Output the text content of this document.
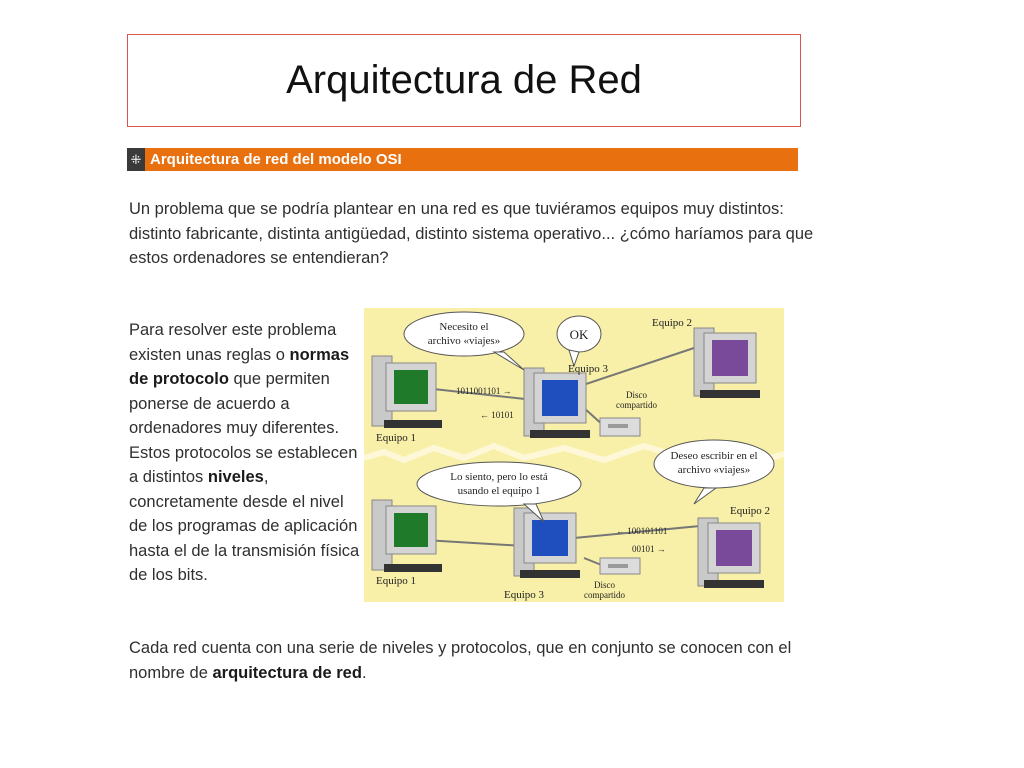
Arquitectura de Red
⁜ Arquitectura de red del modelo OSI

Un problema que se podría plantear en una red es que tuviéramos equipos muy distintos: distinto fabricante, distinta antigüedad, distinto sistema operativo... ¿cómo haríamos para que estos ordenadores se entendieran?

Para resolver este problema existen unas reglas o normas de protocolo que permiten ponerse de acuerdo a ordenadores muy diferentes. Estos protocolos se establecen a distintos niveles, concretamente desde el nivel de los programas de aplicación hasta el de la transmisión física de los bits.

Necesito el
archivo «viajes»	OK
Equipo 1
Equipo 3
Equipo 2
1011001101 →
← 10101
Disco
compartido
Lo siento, pero lo está
usando el equipo 1
Deseo escribir en el
archivo «viajes»
Equipo 1
Equipo 3
Equipo 2
← 100101101
00101 →
Disco
compartido

Cada red cuenta con una serie de niveles y protocolos, que en conjunto se conocen con el nombre de arquitectura de red.
